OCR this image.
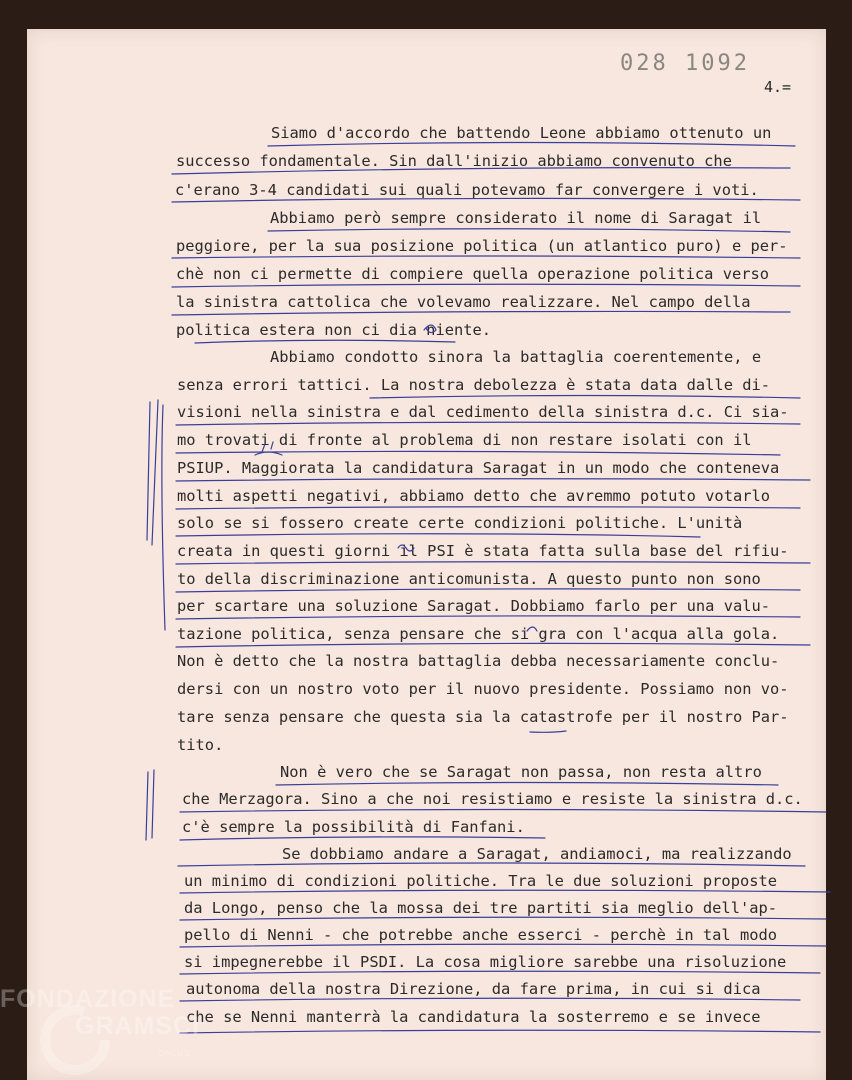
028 1092
4.=
Siamo d'accordo che battendo Leone abbiamo ottenuto un
successo fondamentale. Sin dall'inizio abbiamo convenuto che
c'erano 3-4 candidati sui quali potevamo far convergere i voti.
Abbiamo però sempre considerato il nome di Saragat il
peggiore, per la sua posizione politica (un atlantico puro) e per-
chè non ci permette di compiere quella operazione politica verso
la sinistra cattolica che volevamo realizzare. Nel campo della
politica estera non ci dia niente.
Abbiamo condotto sinora la battaglia coerentemente, e
senza errori tattici. La nostra debolezza è stata data dalle di-
visioni nella sinistra e dal cedimento della sinistra d.c. Ci sia-
mo trovati di fronte al problema di non restare isolati con il
PSIUP. Maggiorata la candidatura Saragat in un modo che conteneva
molti aspetti negativi, abbiamo detto che avremmo potuto votarlo
solo se si fossero create certe condizioni politiche. L'unità
creata in questi giorni il PSI è stata fatta sulla base del rifiu-
to della discriminazione anticomunista. A questo punto non sono
per scartare una soluzione Saragat. Dobbiamo farlo per una valu-
tazione politica, senza pensare che si gra con l'acqua alla gola.
Non è detto che la nostra battaglia debba necessariamente conclu-
dersi con un nostro voto per il nuovo presidente. Possiamo non vo-
tare senza pensare che questa sia la catastrofe per il nostro Par-
tito.
Non è vero che se Saragat non passa, non resta altro
che Merzagora. Sino a che noi resistiamo e resiste la sinistra d.c.
c'è sempre la possibilità di Fanfani.
Se dobbiamo andare a Saragat, andiamoci, ma realizzando
un minimo di condizioni politiche. Tra le due soluzioni proposte
da Longo, penso che la mossa dei tre partiti sia meglio dell'ap-
pello di Nenni - che potrebbe anche esserci - perchè in tal modo
si impegnerebbe il PSDI. La cosa migliore sarebbe una risoluzione
autonoma della nostra Direzione, da fare prima, in cui si dica
che se Nenni manterrà la candidatura la sosterremo e se invece
FONDAZIONE
GRAMSCI
ONLUS
